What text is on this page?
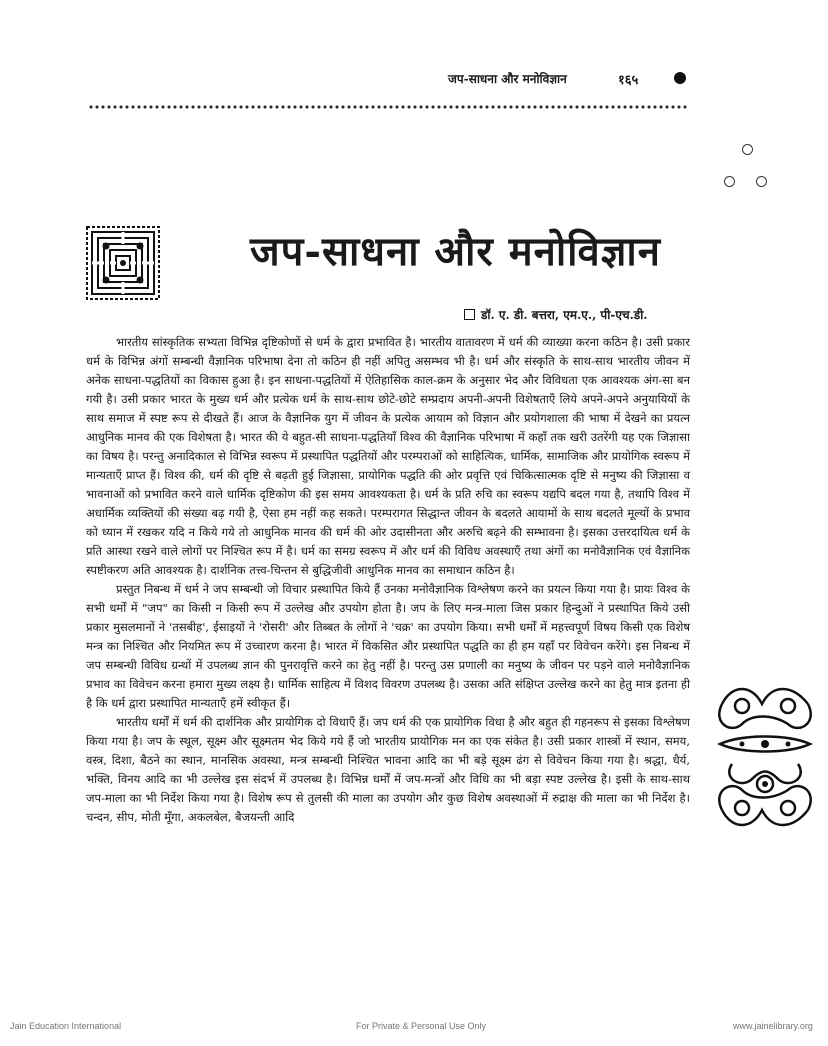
जप-साधना और मनोविज्ञान	१६५
जप-साधना और मनोविज्ञान
डॉ. ए. डी. बत्तरा, एम.ए., पी-एच.डी.

भारतीय सांस्कृतिक सभ्यता विभिन्न दृष्टिकोणों से धर्म के द्वारा प्रभावित है। भारतीय वातावरण में धर्म की व्याख्या करना कठिन है। उसी प्रकार धर्म के विभिन्न अंगों सम्बन्धी वैज्ञानिक परिभाषा देना तो कठिन ही नहीं अपितु असम्भव भी है। धर्म और संस्कृति के साथ-साथ भारतीय जीवन में अनेक साधना-पद्धतियों का विकास हुआ है। इन साधना-पद्धतियों में ऐतिहासिक काल-क्रम के अनुसार भेद और विविधता एक आवश्यक अंग-सा बन गयी है। उसी प्रकार भारत के मुख्य धर्म और प्रत्येक धर्म के साथ-साथ छोटे-छोटे सम्प्रदाय अपनी-अपनी विशेषताएँ लिये अपने-अपने अनुयायियों के साथ समाज में स्पष्ट रूप से दीखते हैं। आज के वैज्ञानिक युग में जीवन के प्रत्येक आयाम को विज्ञान और प्रयोगशाला की भाषा में देखने का प्रयत्न आधुनिक मानव की एक विशेषता है। भारत की ये बहुत-सी साधना-पद्धतियाँ विश्व की वैज्ञानिक परिभाषा में कहाँ तक खरी उतरेंगी यह एक जिज्ञासा का विषय है। परन्तु अनादिकाल से विभिन्न स्वरूप में प्रस्थापित पद्धतियों और परम्पराओं को साहित्यिक, धार्मिक, सामाजिक और प्रायोगिक स्वरूप में मान्यताएँ प्राप्त हैं। विश्व की, धर्म की दृष्टि से बढ़ती हुई जिज्ञासा, प्रायोगिक पद्धति की ओर प्रवृत्ति एवं चिकित्सात्मक दृष्टि से मनुष्य की जिज्ञासा व भावनाओं को प्रभावित करने वाले धार्मिक दृष्टिकोण की इस समय आवश्यकता है। धर्म के प्रति रुचि का स्वरूप यद्यपि बदल गया है, तथापि विश्व में अधार्मिक व्यक्तियों की संख्या बढ़ गयी है, ऐसा हम नहीं कह सकते। परम्परागत सिद्धान्त जीवन के बदलते आयामों के साथ बदलते मूल्यों के प्रभाव को ध्यान में रखकर यदि न किये गये तो आधुनिक मानव की धर्म की ओर उदासीनता और अरुचि बढ़ने की सम्भावना है। इसका उत्तरदायित्व धर्म के प्रति आस्था रखने वाले लोगों पर निश्चित रूप में है। धर्म का समग्र स्वरूप में और धर्म की विविध अवस्थाएँ तथा अंगों का मनोवैज्ञानिक एवं वैज्ञानिक स्पष्टीकरण अति आवश्यक है। दार्शनिक तत्त्व-चिन्तन से बुद्धिजीवी आधुनिक मानव का समाधान कठिन है।

प्रस्तुत निबन्ध में धर्म ने जप सम्बन्धी जो विचार प्रस्थापित किये हैं उनका मनोवैज्ञानिक विश्लेषण करने का प्रयत्न किया गया है। प्रायः विश्व के सभी धर्मों में "जप" का किसी न किसी रूप में उल्लेख और उपयोग होता है। जप के लिए मन्त्र-माला जिस प्रकार हिन्दुओं ने प्रस्थापित किये उसी प्रकार मुसलमानों ने 'तसबीह', ईसाइयों ने 'रोसरी' और तिब्बत के लोगों ने 'चक्र' का उपयोग किया। सभी धर्मों में महत्त्वपूर्ण विषय किसी एक विशेष मन्त्र का निश्चित और नियमित रूप में उच्चारण करना है। भारत में विकसित और प्रस्थापित पद्धति का ही हम यहाँ पर विवेचन करेंगे। इस निबन्ध में जप सम्बन्धी विविध ग्रन्थों में उपलब्ध ज्ञान की पुनरावृत्ति करने का हेतु नहीं है। परन्तु उस प्रणाली का मनुष्य के जीवन पर पड़ने वाले मनोवैज्ञानिक प्रभाव का विवेचन करना हमारा मुख्य लक्ष्य है। धार्मिक साहित्य में विशद विवरण उपलब्ध है। उसका अति संक्षिप्त उल्लेख करने का हेतु मात्र इतना ही है कि धर्म द्वारा प्रस्थापित मान्यताएँ हमें स्वीकृत हैं।

भारतीय धर्मों में धर्म की दार्शनिक और प्रायोगिक दो विधाएँ हैं। जप धर्म की एक प्रायोगिक विधा है और बहुत ही गहनरूप से इसका विश्लेषण किया गया है। जप के स्थूल, सूक्ष्म और सूक्ष्मतम भेद किये गये हैं जो भारतीय प्रायोगिक मन का एक संकेत है। उसी प्रकार शास्त्रों में स्थान, समय, वस्त्र, दिशा, बैठने का स्थान, मानसिक अवस्था, मन्त्र सम्बन्धी निश्चित भावना आदि का भी बड़े सूक्ष्म ढंग से विवेचन किया गया है। श्रद्धा, धैर्य, भक्ति, विनय आदि का भी उल्लेख इस संदर्भ में उपलब्ध है। विभिन्न धर्मों में जप-मन्त्रों और विधि का भी बड़ा स्पष्ट उल्लेख है। इसी के साथ-साथ जप-माला का भी निर्देश किया गया है। विशेष रूप से तुलसी की माला का उपयोग और कुछ विशेष अवस्थाओं में रुद्राक्ष की माला का भी निर्देश है। चन्दन, सीप, मोती मूँगा, अकलबेल, बैजयन्ती आदि

Jain Education International	For Private & Personal Use Only	www.jainelibrary.org
